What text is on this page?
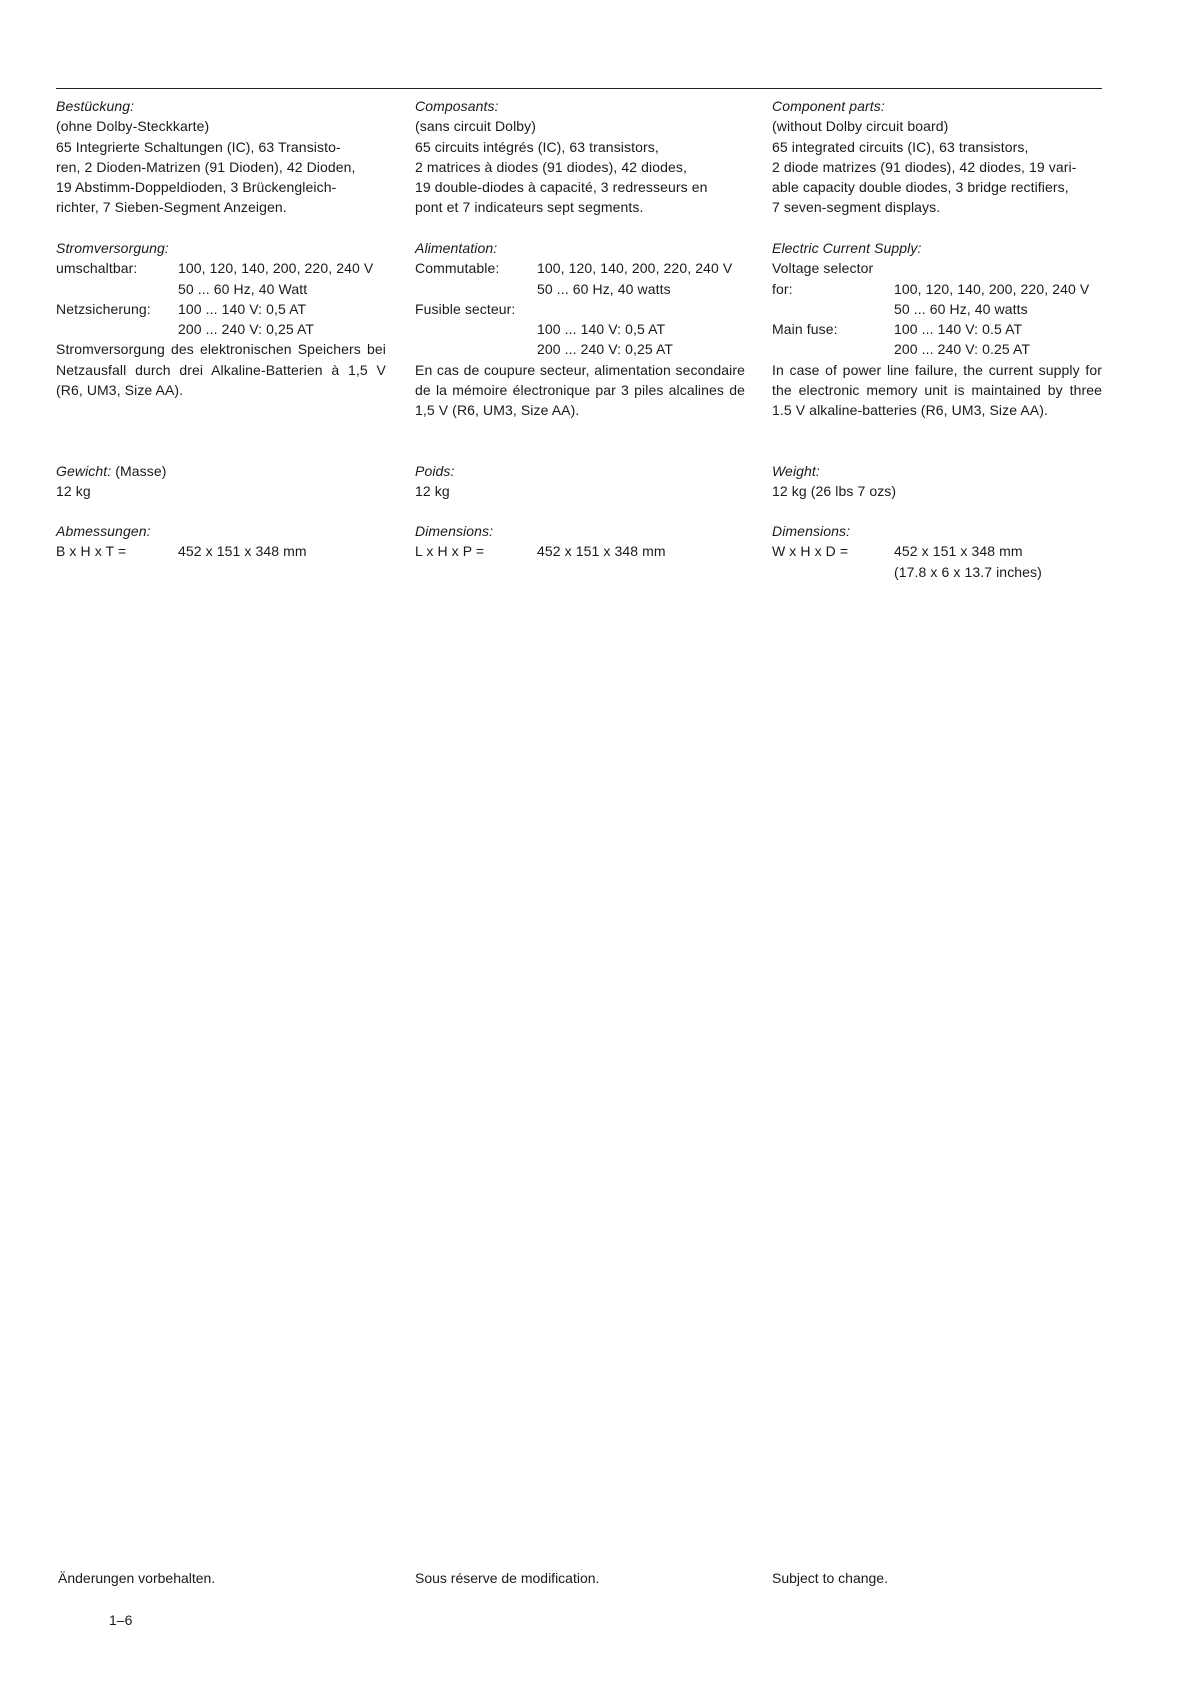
Bestückung:
(ohne Dolby-Steckkarte)
65 Integrierte Schaltungen (IC), 63 Transisto-
ren, 2 Dioden-Matrizen (91 Dioden), 42 Dioden,
19 Abstimm-Doppeldioden, 3 Brückengleich-
richter, 7 Sieben-Segment Anzeigen.
Stromversorgung:
umschaltbar:	100, 120, 140, 200, 220, 240 V
50 ... 60 Hz, 40 Watt
Netzsicherung:	100 ... 140 V: 0,5 AT
200 ... 240 V: 0,25 AT
Stromversorgung des elektronischen Speichers bei Netzausfall durch drei Alkaline-Batterien à 1,5 V (R6, UM3, Size AA).
Gewicht: (Masse)
12 kg
Abmessungen:
B x H x T =	452 x 151 x 348 mm
Composants:
(sans circuit Dolby)
65 circuits intégrés (IC), 63 transistors,
2 matrices à diodes (91 diodes), 42 diodes,
19 double-diodes à capacité, 3 redresseurs en
pont et 7 indicateurs sept segments.
Alimentation:
Commutable:	100, 120, 140, 200, 220, 240 V
50 ... 60 Hz, 40 watts
Fusible secteur:
100 ... 140 V: 0,5 AT
200 ... 240 V: 0,25 AT
En cas de coupure secteur, alimentation secondaire de la mémoire électronique par 3 piles alcalines de 1,5 V (R6, UM3, Size AA).
Poids:
12 kg
Dimensions:
L x H x P =	452 x 151 x 348 mm
Component parts:
(without Dolby circuit board)
65 integrated circuits (IC), 63 transistors,
2 diode matrizes (91 diodes), 42 diodes, 19 vari-
able capacity double diodes, 3 bridge rectifiers,
7 seven-segment displays.
Electric Current Supply:
Voltage selector
for:	100, 120, 140, 200, 220, 240 V
50 ... 60 Hz, 40 watts
Main fuse:	100 ... 140 V: 0.5 AT
200 ... 240 V: 0.25 AT
In case of power line failure, the current supply for the electronic memory unit is maintained by three 1.5 V alkaline-batteries (R6, UM3, Size AA).
Weight:
12 kg (26 lbs 7 ozs)
Dimensions:
W x H x D =	452 x 151 x 348 mm
(17.8 x 6 x 13.7 inches)
Änderungen vorbehalten.	Sous réserve de modification.	Subject to change.
1–6
